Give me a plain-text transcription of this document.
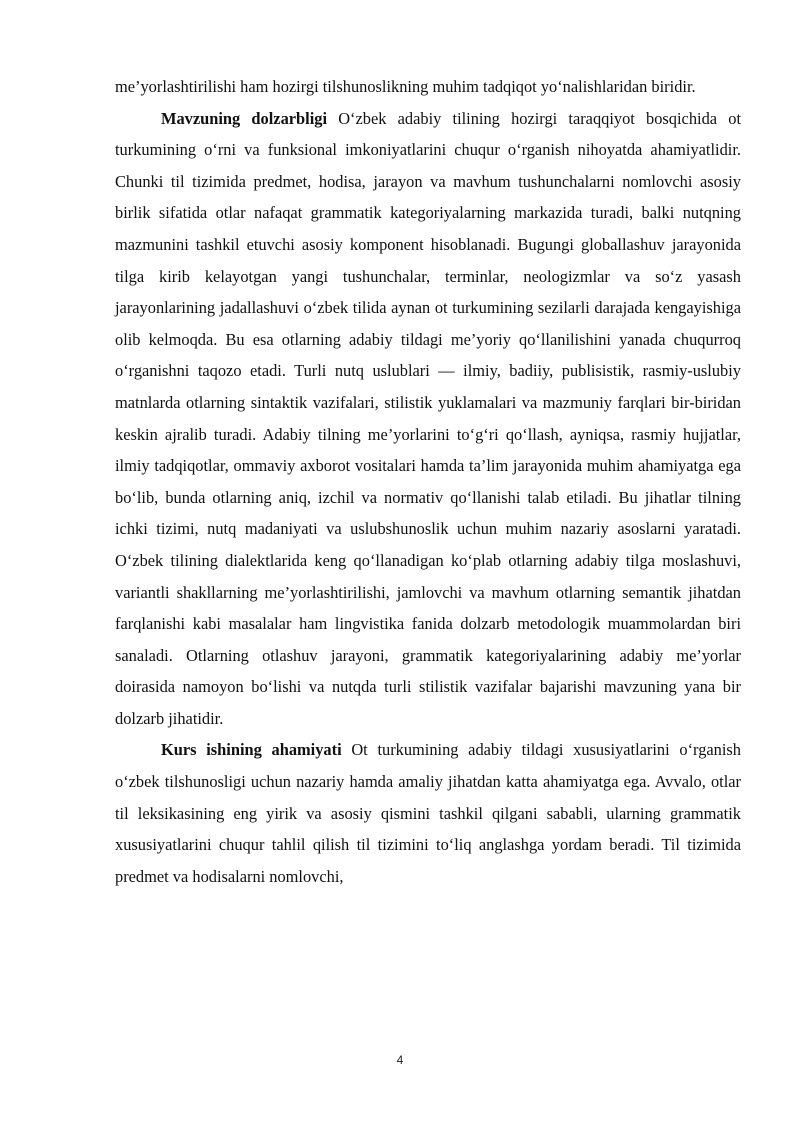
me’yorlashtirilishi ham hozirgi tilshunoslikning muhim tadqiqot yo‘nalishlaridan biridir.

Mavzuning dolzarbligi O‘zbek adabiy tilining hozirgi taraqqiyot bosqichida ot turkumining o‘rni va funksional imkoniyatlarini chuqur o‘rganish nihoyatda ahamiyatlidir. Chunki til tizimida predmet, hodisa, jarayon va mavhum tushunchalarni nomlovchi asosiy birlik sifatida otlar nafaqat grammatik kategoriyalarning markazida turadi, balki nutqning mazmunini tashkil etuvchi asosiy komponent hisoblanadi. Bugungi globallashuv jarayonida tilga kirib kelayotgan yangi tushunchalar, terminlar, neologizmlar va so‘z yasash jarayonlarining jadallashuvi o‘zbek tilida aynan ot turkumining sezilarli darajada kengayishiga olib kelmoqda. Bu esa otlarning adabiy tildagi me’yoriy qo‘llanilishini yanada chuqurroq o‘rganishni taqozo etadi. Turli nutq uslublari — ilmiy, badiiy, publisistik, rasmiy-uslubiy matnlarda otlarning sintaktik vazifalari, stilistik yuklamalari va mazmuniy farqlari bir-biridan keskin ajralib turadi. Adabiy tilning me’yorlarini to‘g‘ri qo‘llash, ayniqsa, rasmiy hujjatlar, ilmiy tadqiqotlar, ommaviy axborot vositalari hamda ta’lim jarayonida muhim ahamiyatga ega bo‘lib, bunda otlarning aniq, izchil va normativ qo‘llanishi talab etiladi. Bu jihatlar tilning ichki tizimi, nutq madaniyati va uslubshunoslik uchun muhim nazariy asoslarni yaratadi. O‘zbek tilining dialektlarida keng qo‘llanadigan ko‘plab otlarning adabiy tilga moslashuvi, variantli shakllarning me’yorlashtirilishi, jamlovchi va mavhum otlarning semantik jihatdan farqlanishi kabi masalalar ham lingvistika fanida dolzarb metodologik muammolardan biri sanaladi. Otlarning otlashuv jarayoni, grammatik kategoriyalarining adabiy me’yorlar doirasida namoyon bo‘lishi va nutqda turli stilistik vazifalar bajarishi mavzuning yana bir dolzarb jihatidir.

Kurs ishining ahamiyati Ot turkumining adabiy tildagi xususiyatlarini o‘rganish o‘zbek tilshunosligi uchun nazariy hamda amaliy jihatdan katta ahamiyatga ega. Avvalo, otlar til leksikasining eng yirik va asosiy qismini tashkil qilgani sababli, ularning grammatik xususiyatlarini chuqur tahlil qilish til tizimini to‘liq anglashga yordam beradi. Til tizimida predmet va hodisalarni nomlovchi,

4
